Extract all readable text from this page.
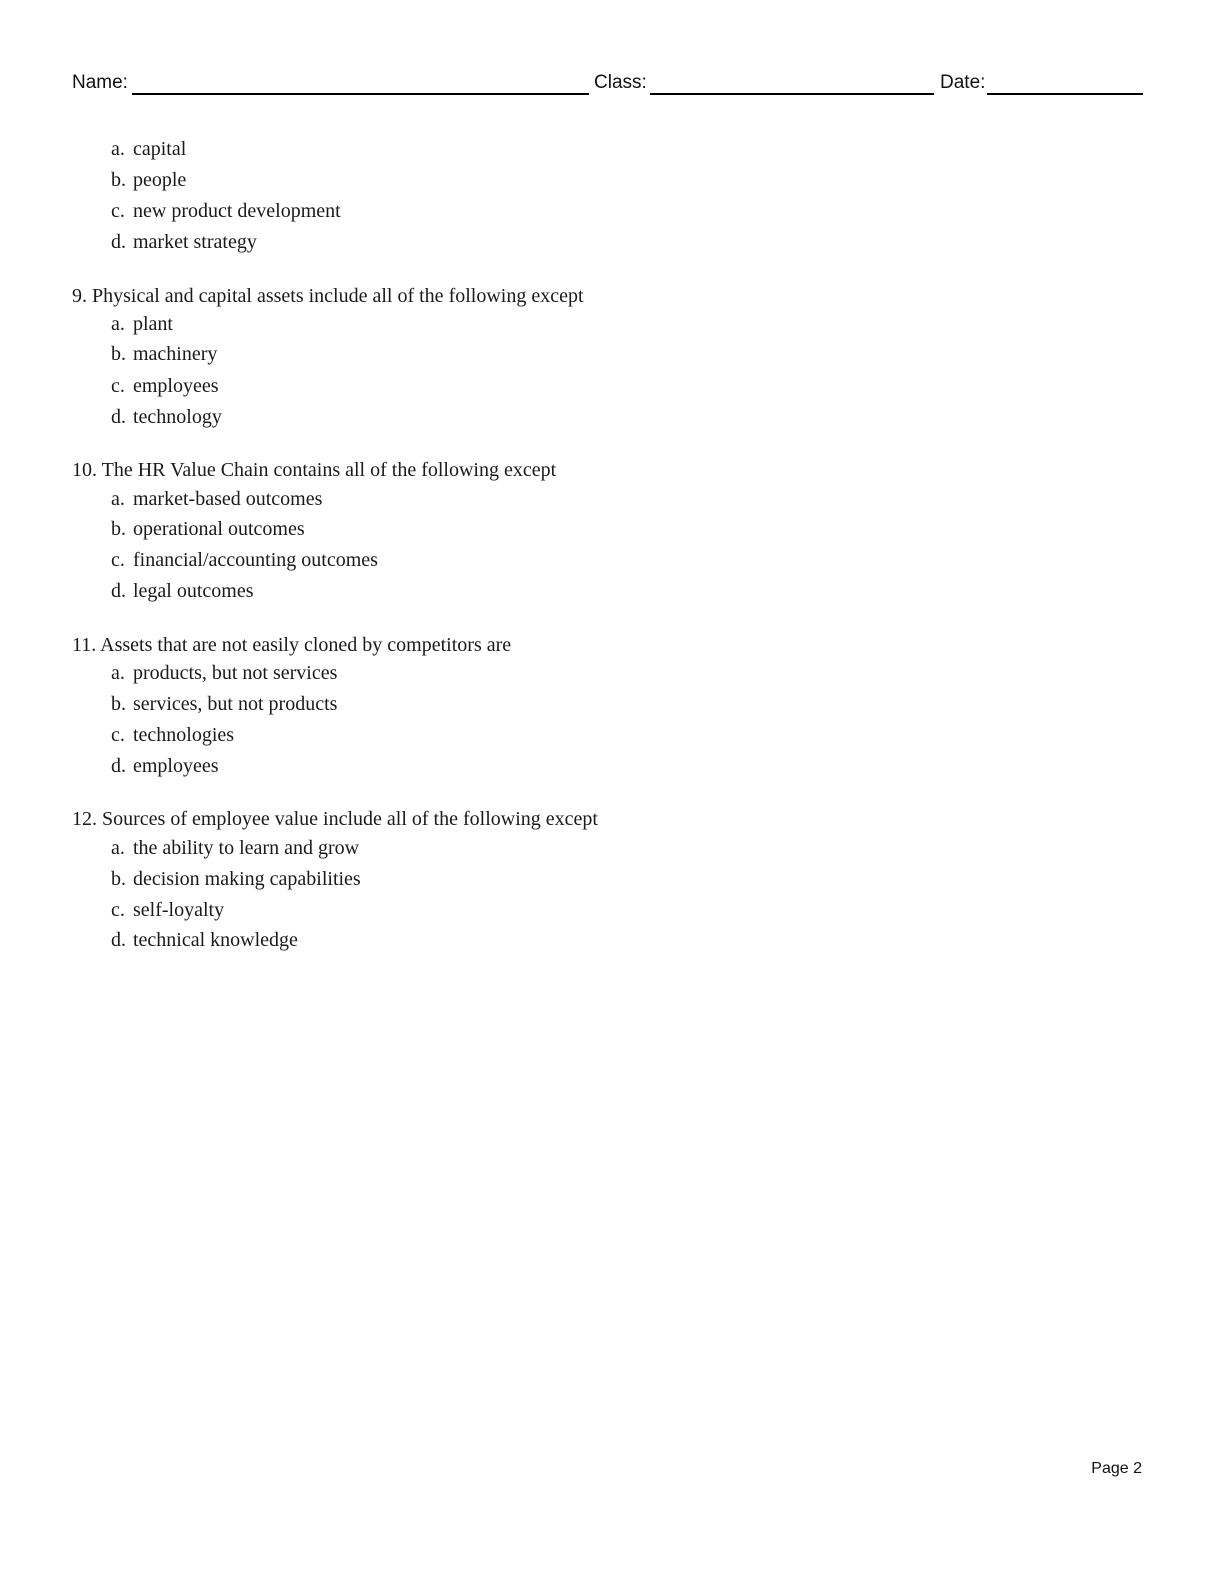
Name:	Class:	Date:
a. capital
b. people
c. new product development
d. market strategy
9. Physical and capital assets include all of the following except
a. plant
b. machinery
c. employees
d. technology
10. The HR Value Chain contains all of the following except
a. market-based outcomes
b. operational outcomes
c. financial/accounting outcomes
d. legal outcomes
11. Assets that are not easily cloned by competitors are
a. products, but not services
b. services, but not products
c. technologies
d. employees
12. Sources of employee value include all of the following except
a. the ability to learn and grow
b. decision making capabilities
c. self-loyalty
d. technical knowledge
Page 2
